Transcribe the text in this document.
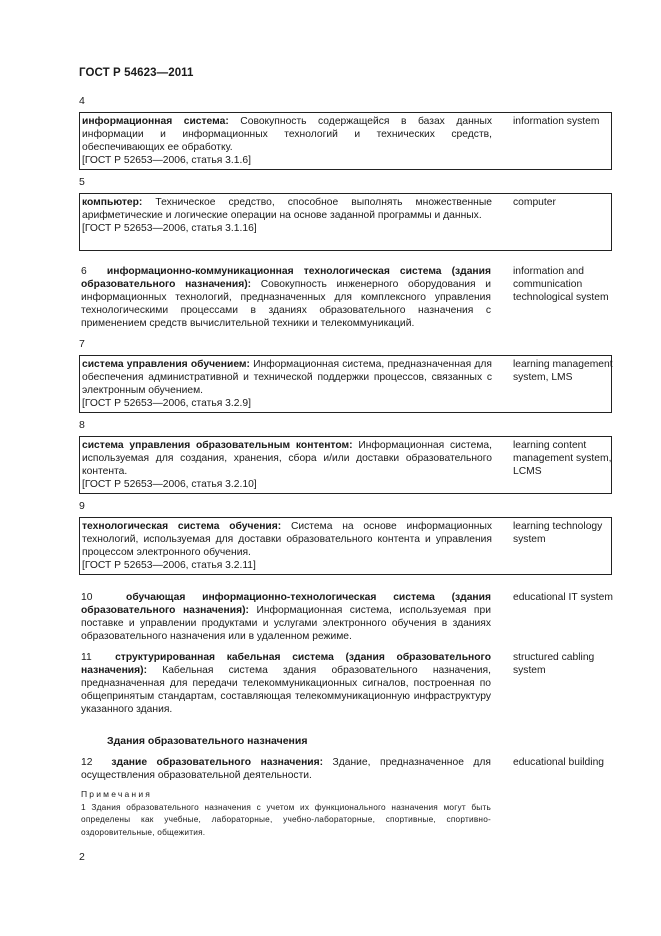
ГОСТ Р 54623—2011
4
информационная система: Совокупность содержащейся в базах данных информации и информационных технологий и технических средств, обеспечивающих ее обработку.
[ГОСТ Р 52653—2006, статья 3.1.6]
information system
5
компьютер: Техническое средство, способное выполнять множественные арифметические и логические операции на основе заданной программы и данных.
[ГОСТ Р 52653—2006, статья 3.1.16]
computer
6 информационно-коммуникационная технологическая система (здания образовательного назначения): Совокупность инженерного оборудования и информационных технологий, предназначенных для комплексного управления технологическими процессами в зданиях образовательного назначения с применением средств вычислительной техники и телекоммуникаций.
information and communication technological system
7
система управления обучением: Информационная система, предназначенная для обеспечения административной и технической поддержки процессов, связанных с электронным обучением.
[ГОСТ Р 52653—2006, статья 3.2.9]
learning management system, LMS
8
система управления образовательным контентом: Информационная система, используемая для создания, хранения, сбора и/или доставки образовательного контента.
[ГОСТ Р 52653—2006, статья 3.2.10]
learning content management system, LCMS
9
технологическая система обучения: Система на основе информационных технологий, используемая для доставки образовательного контента и управления процессом электронного обучения.
[ГОСТ Р 52653—2006, статья 3.2.11]
learning technology system
10	обучающая информационно-технологическая система (здания образовательного назначения): Информационная система, используемая при поставке и управлении продуктами и услугами электронного обучения в зданиях образовательного назначения или в удаленном режиме.
educational IT system
11 структурированная кабельная система (здания образовательного назначения): Кабельная система здания образовательного назначения, предназначенная для передачи телекоммуникационных сигналов, построенная по общепринятым стандартам, составляющая телекоммуникационную инфраструктуру указанного здания.
structured cabling system
Здания образовательного назначения
12 здание образовательного назначения: Здание, предназначенное для осуществления образовательной деятельности.
educational building
Примечания
1 Здания образовательного назначения с учетом их функционального назначения могут быть определены как учебные, лабораторные, учебно-лабораторные, спортивные, спортивно-оздоровительные, общежития.
2
